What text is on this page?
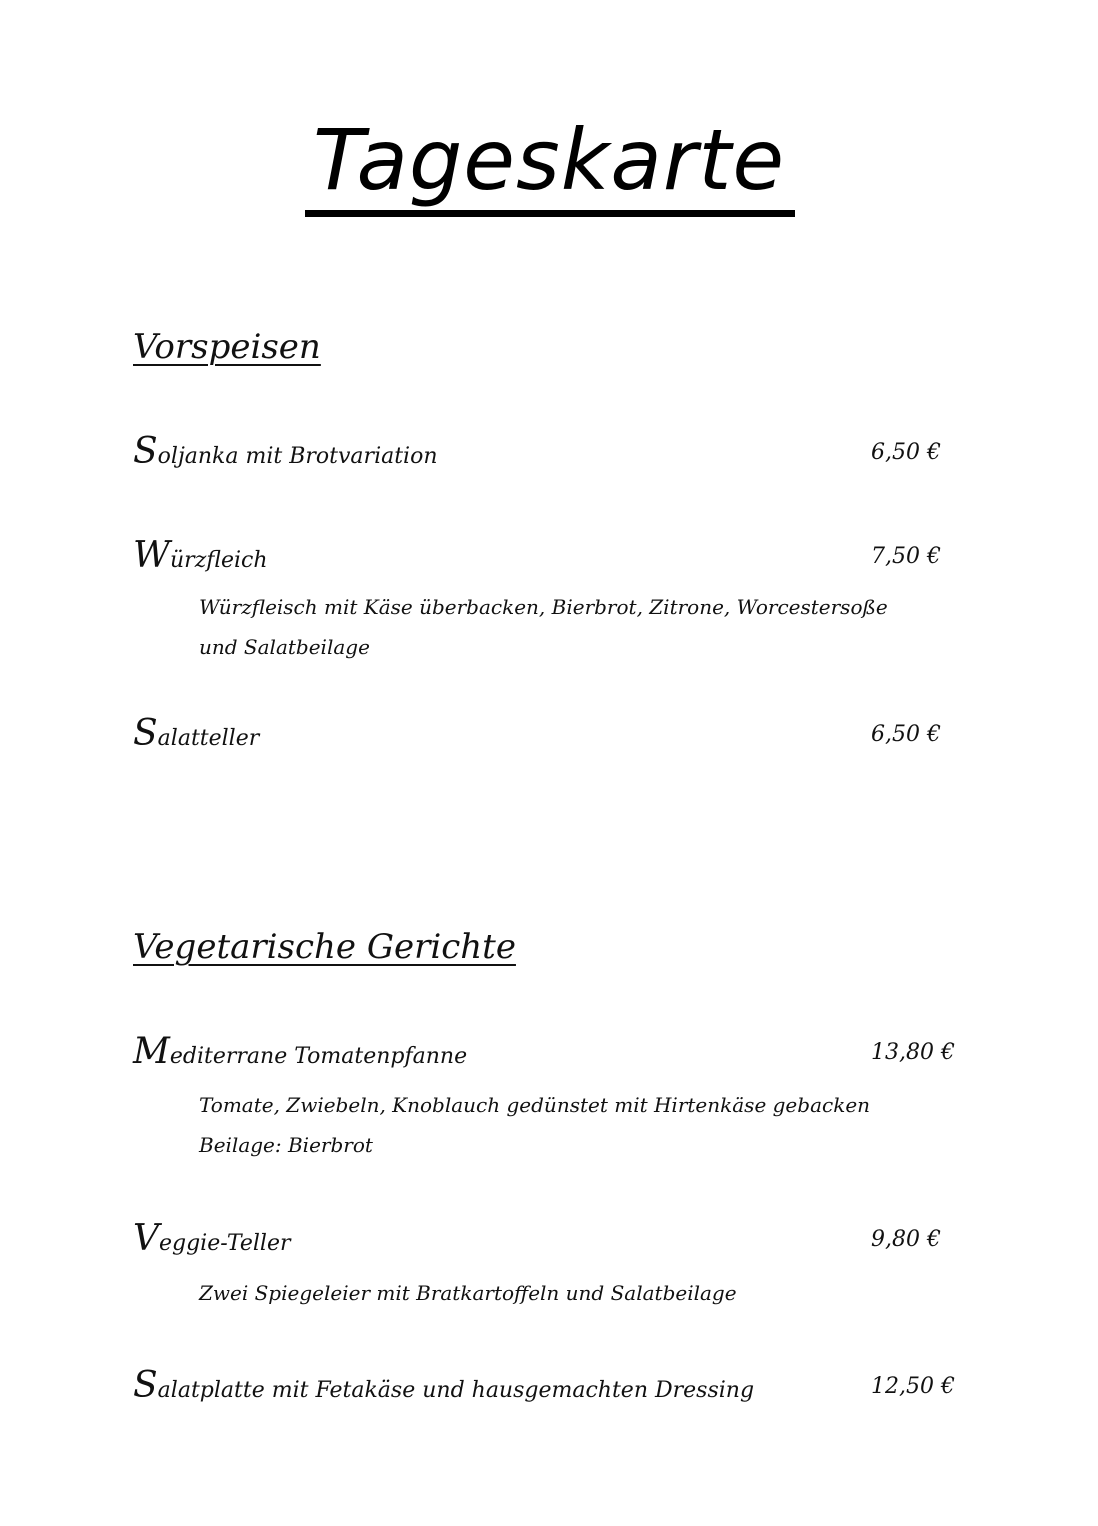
Tageskarte
Vorspeisen
Soljanka mit Brotvariation	6,50 €
Würzfleich	7,50 €
Würzfleisch mit Käse überbacken, Bierbrot, Zitrone, Worcestersoße
und Salatbeilage
Salatteller	6,50 €
Vegetarische Gerichte
Mediterrane Tomatenpfanne	13,80 €
Tomate, Zwiebeln, Knoblauch gedünstet mit Hirtenkäse gebacken
Beilage: Bierbrot
Veggie-Teller	9,80 €
Zwei Spiegeleier mit Bratkartoffeln und Salatbeilage
Salatplatte mit Fetakäse und hausgemachten Dressing	12,50 €
